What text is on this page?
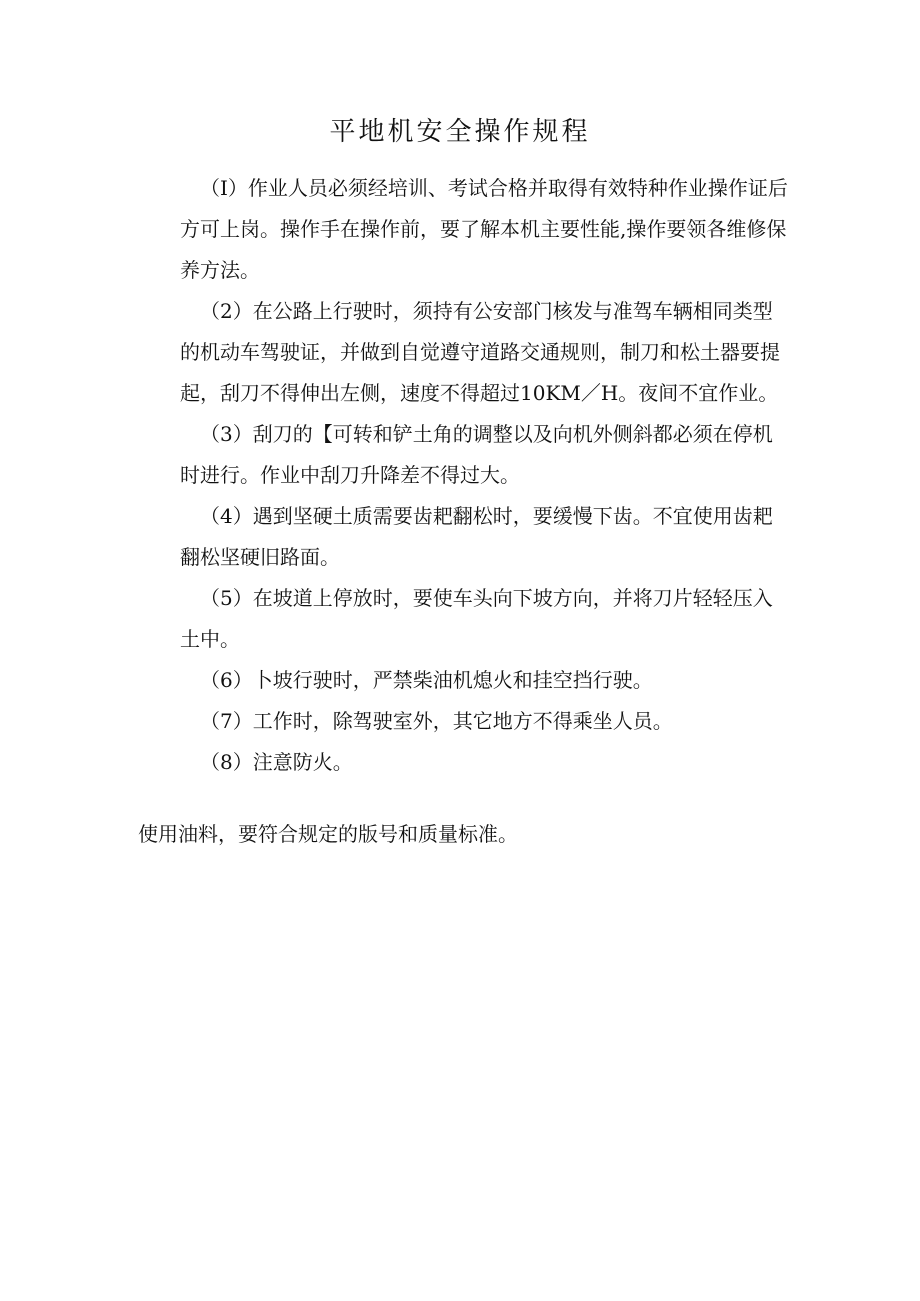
平地机安全操作规程

（I）作业人员必须经培训、考试合格并取得有效特种作业操作证后方可上岗。操作手在操作前，要了解本机主要性能,操作要领各维修保养方法。

（2）在公路上行驶时，须持有公安部门核发与准驾车辆相同类型的机动车驾驶证，并做到自觉遵守道路交通规则，制刀和松土器要提起，刮刀不得伸出左侧，速度不得超过10KM／H。夜间不宜作业。

（3）刮刀的【可转和铲土角的调整以及向机外侧斜都必须在停机时进行。作业中刮刀升降差不得过大。

（4）遇到坚硬土质需要齿耙翻松时，要缓慢下齿。不宜使用齿耙翻松坚硬旧路面。

（5）在坡道上停放时，要使车头向下坡方向，并将刀片轻轻压入土中。

（6）卜坡行驶时，严禁柴油机熄火和挂空挡行驶。

（7）工作时，除驾驶室外，其它地方不得乘坐人员。

（8）注意防火。

使用油料，要符合规定的版号和质量标准。
